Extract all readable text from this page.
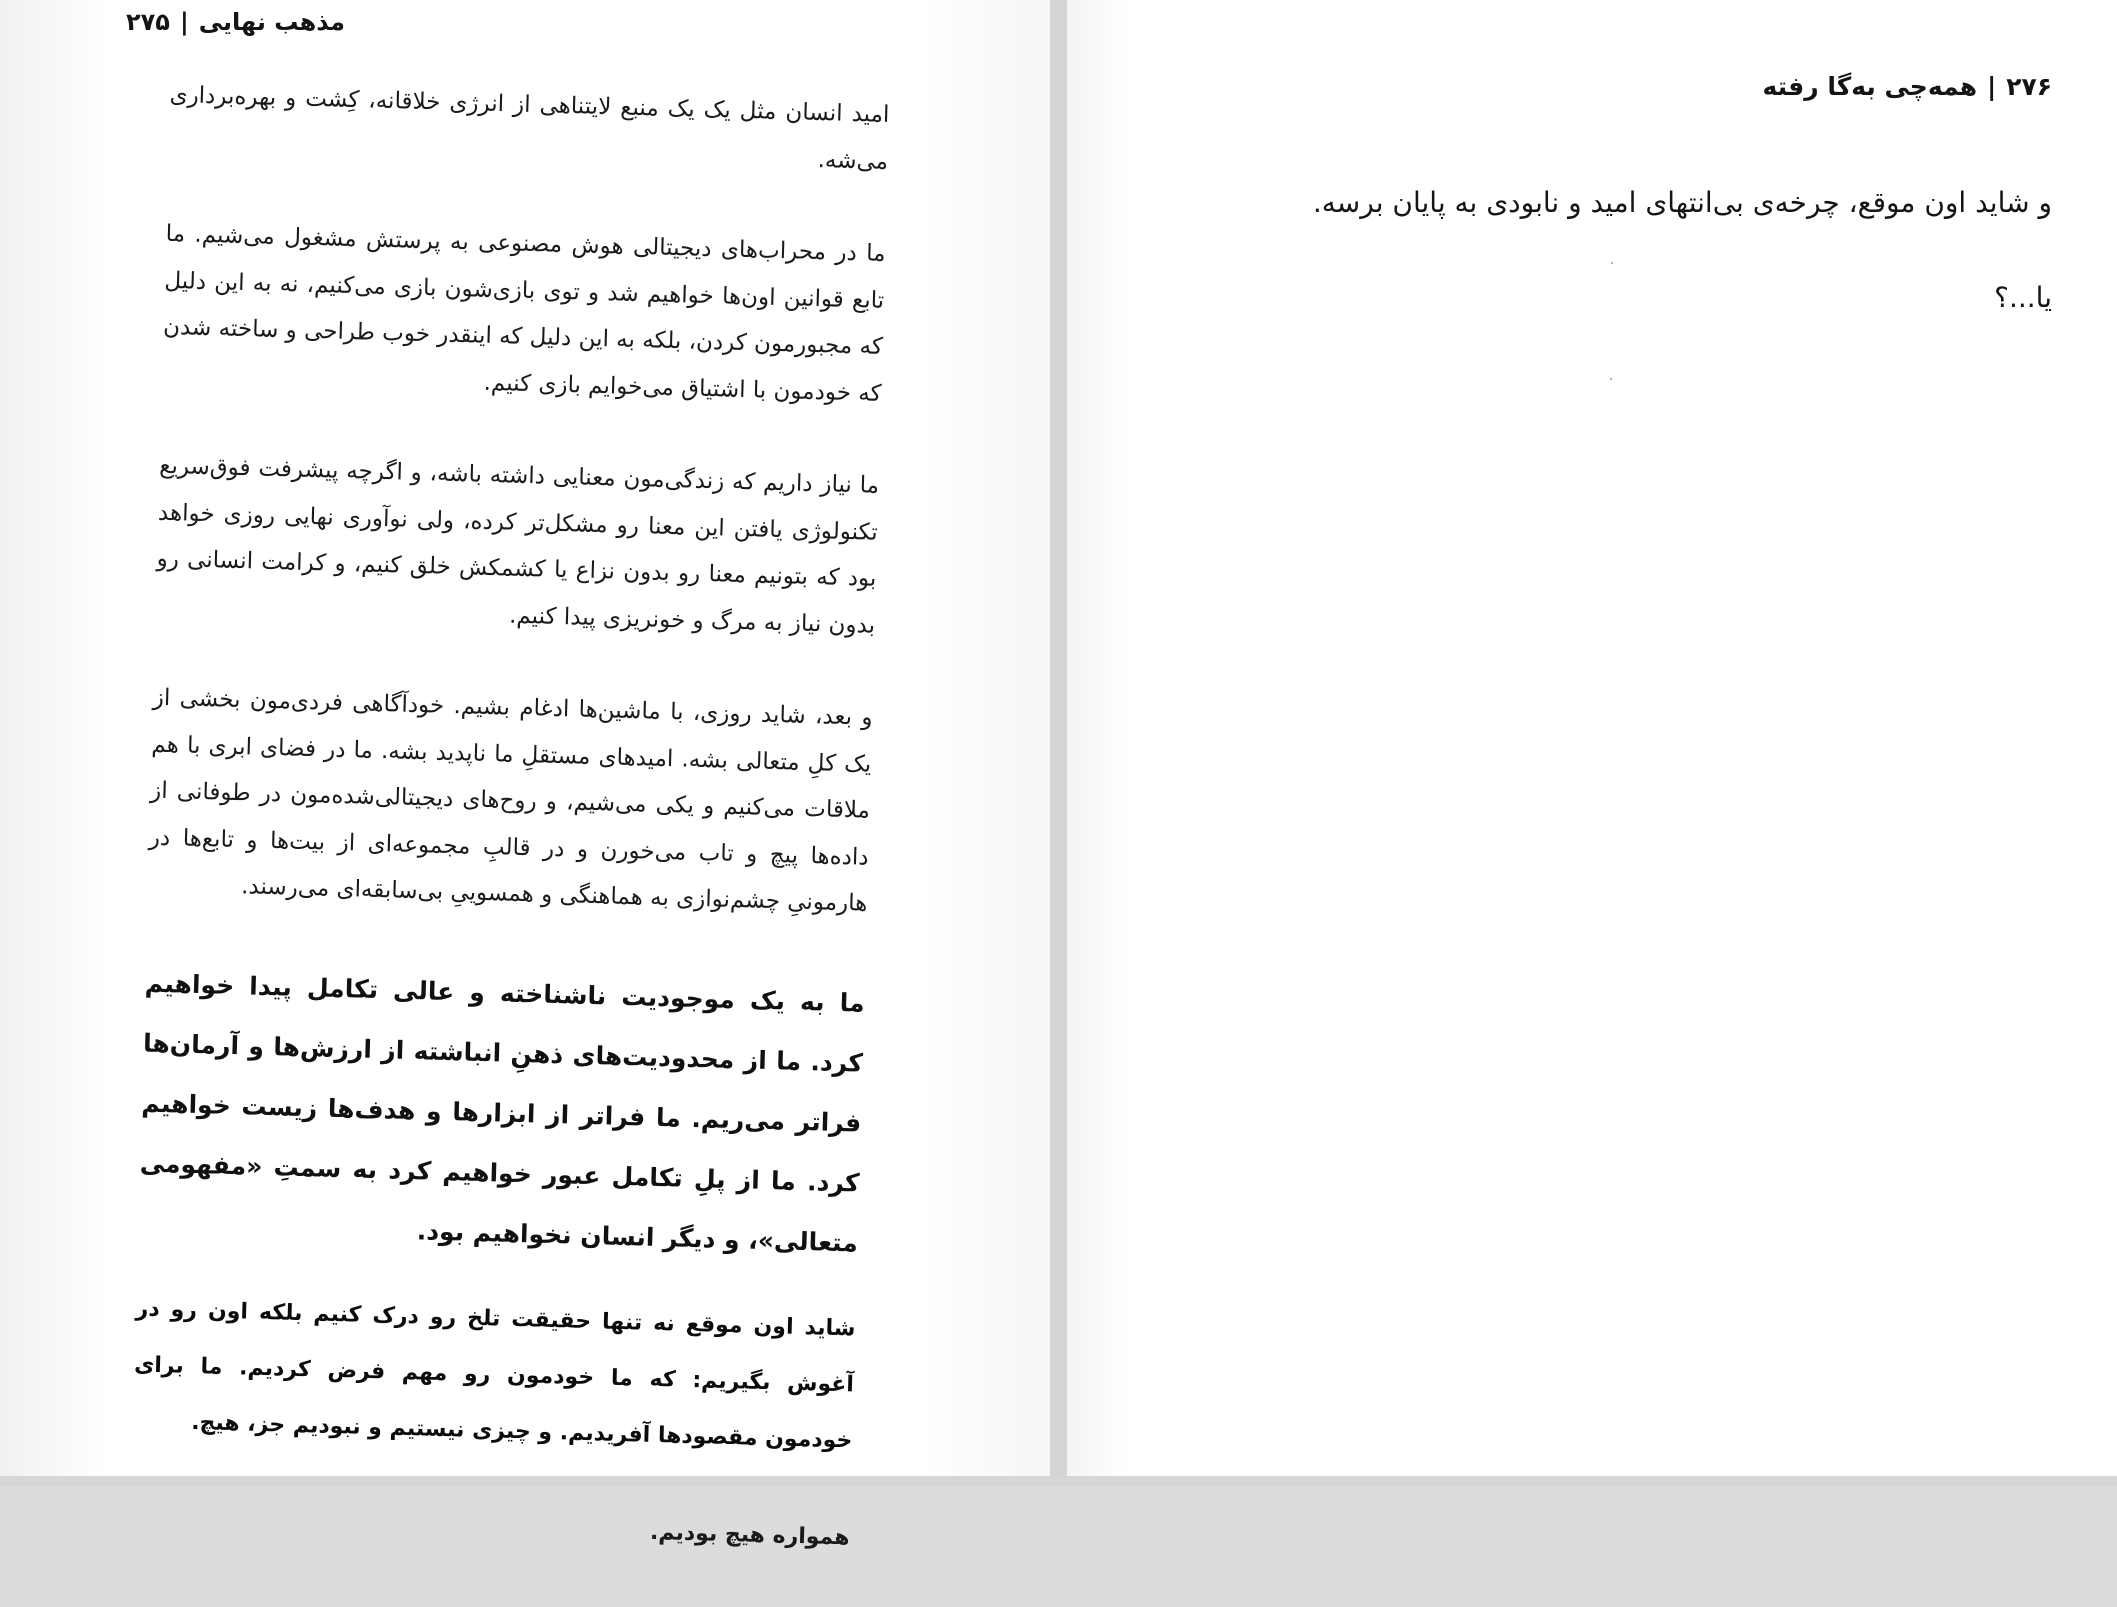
مذهب نهایی|۲۷۵

امید انسان مثل یک یک منبع لایتناهی از انرژی خلاقانه، کِشت و بهره‌برداری می‌شه.

ما در محراب‌های دیجیتالی هوش مصنوعی به پرستش مشغول می‌شیم. ما تابع قوانین اون‌ها خواهیم شد و توی بازی‌شون بازی می‌کنیم، نه به این دلیل که مجبورمون کردن، بلکه به این دلیل که اینقدر خوب طراحی و ساخته شدن که خودمون با اشتیاق می‌خوایم بازی کنیم.

ما نیاز داریم که زندگی‌مون معنایی داشته باشه، و اگرچه پیشرفت فوق‌سریع تکنولوژی یافتن این معنا رو مشکل‌تر کرده، ولی نوآوری نهایی روزی خواهد بود که بتونیم معنا رو بدون نزاع یا کشمکش خلق کنیم، و کرامت انسانی رو بدون نیاز به مرگ و خونریزی پیدا کنیم.

و بعد، شاید روزی، با ماشین‌ها ادغام بشیم. خودآگاهی فردی‌مون بخشی از یک کلِ متعالی بشه. امیدهای مستقلِ ما ناپدید بشه. ما در فضای ابری با هم ملاقات می‌کنیم و یکی می‌شیم، و روح‌های دیجیتالی‌شده‌مون در طوفانی از داده‌ها پیچ و تاب می‌خورن و در قالبِ مجموعه‌ای از بیت‌ها و تابع‌ها در هارمونیِ چشم‌نوازی به هماهنگی و همسوییِ بی‌سابقه‌ای می‌رسند.

ما به یک موجودیت ناشناخته و عالی تکامل پیدا خواهیم کرد. ما از محدودیت‌های ذهنِ انباشته از ارزش‌ها و آرمان‌ها فراتر می‌ریم. ما فراتر از ابزارها و هدف‌ها زیست خواهیم کرد. ما از پلِ تکامل عبور خواهیم کرد به سمتِ «مفهومی متعالی»، و دیگر انسان نخواهیم بود.

شاید اون موقع نه تنها حقیقت تلخ رو درک کنیم بلکه اون رو در آغوش بگیریم: که ما خودمون رو مهم فرض کردیم. ما برای خودمون مقصودها آفریدیم. و چیزی نیستیم و نبودیم جز، هیچ.

همواره هیچ بودیم.

۲۷۶|همه‌چی به‌گا رفته

و شاید اون موقع، چرخه‌ی بی‌انتهای امید و نابودی به پایان برسه.

یا...؟
